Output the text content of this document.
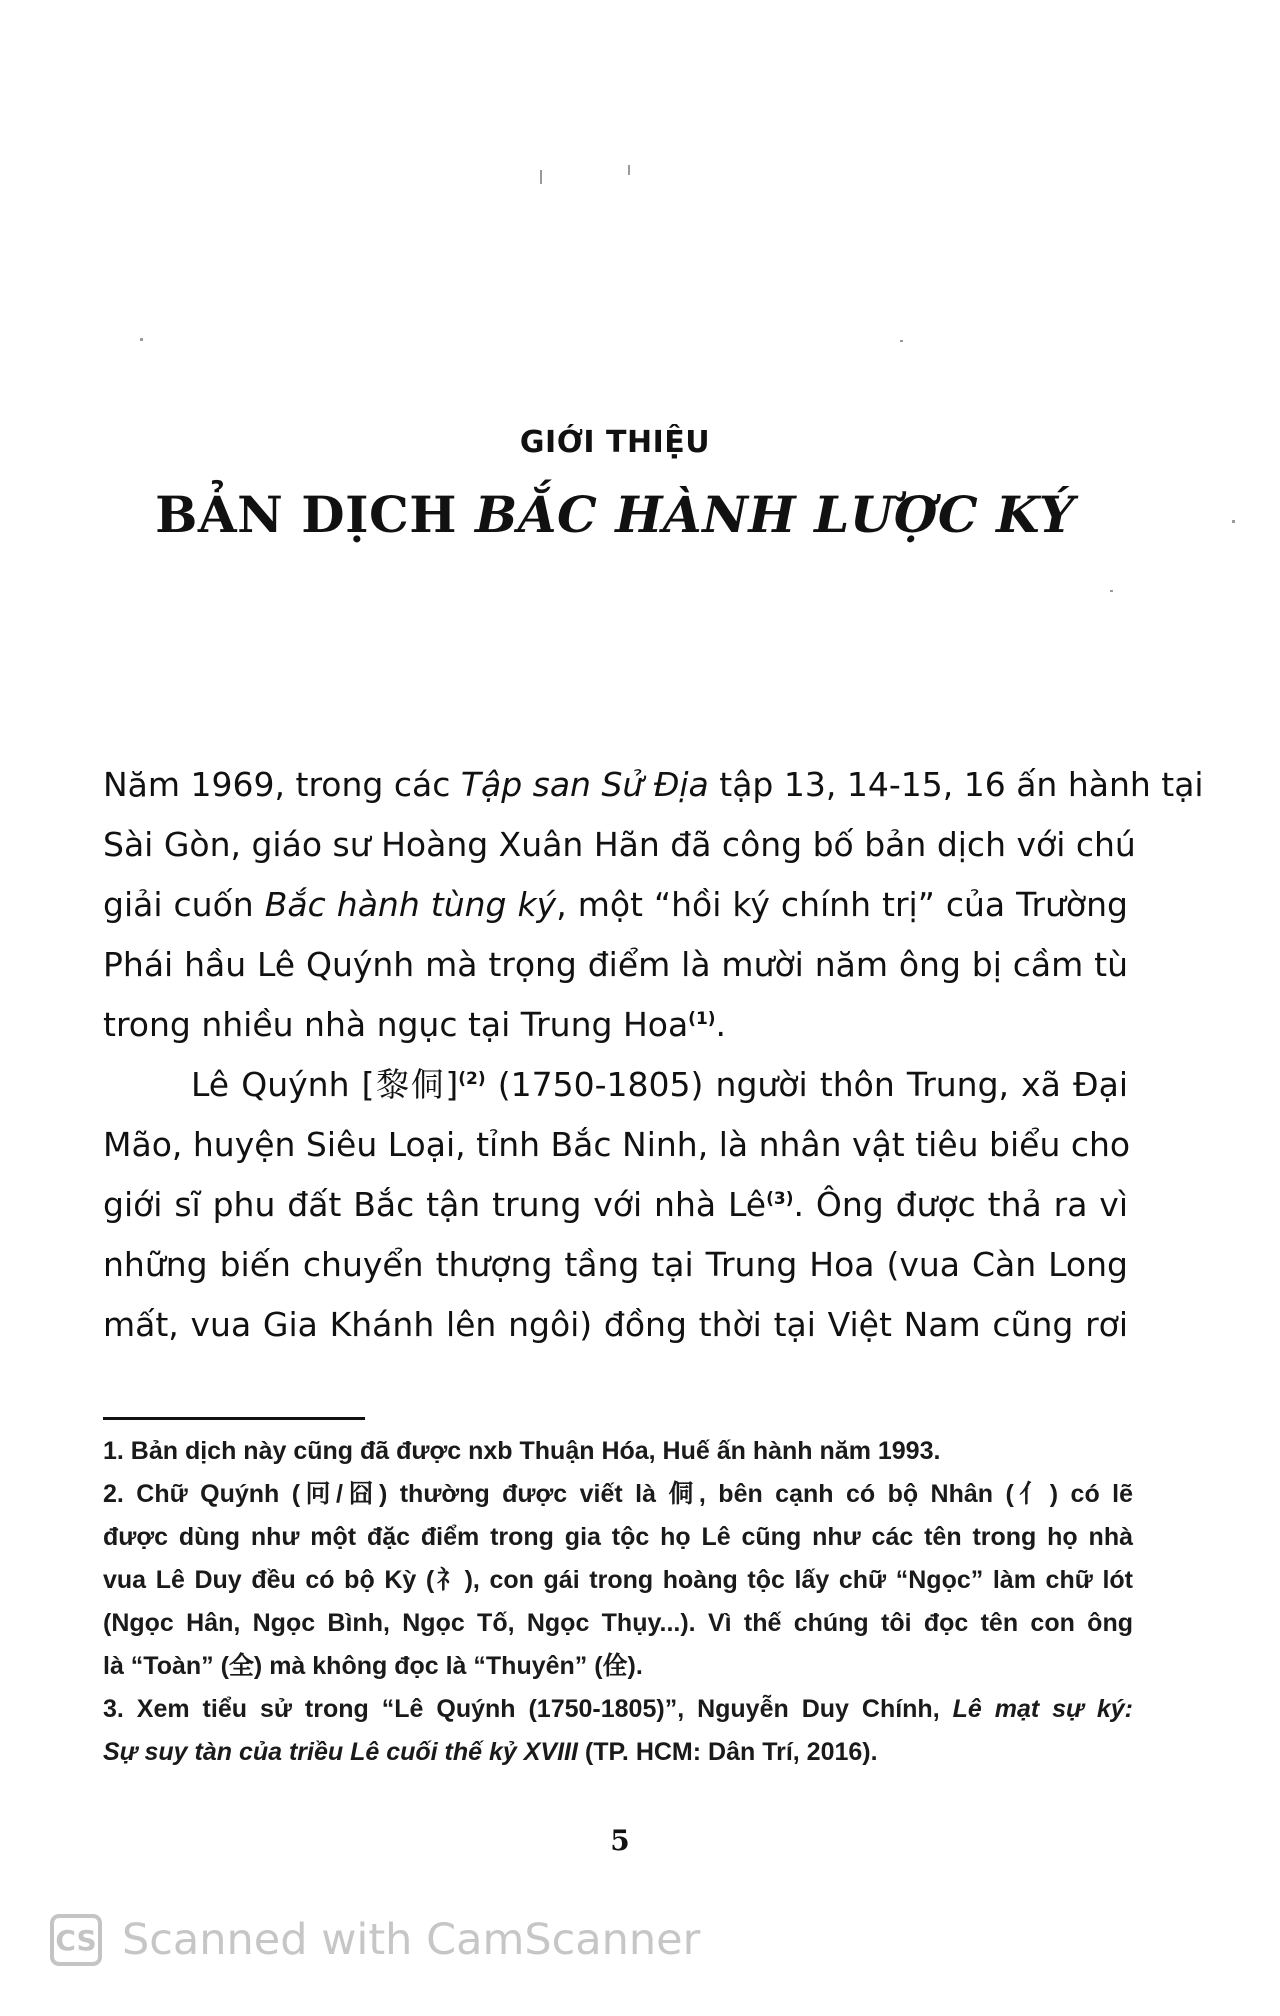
GIỚI THIỆU
BẢN DỊCH BẮC HÀNH LƯỢC KÝ
Năm 1969, trong các Tập san Sử Địa tập 13, 14-15, 16 ấn hành tại
Sài Gòn, giáo sư Hoàng Xuân Hãn đã công bố bản dịch với chú
giải cuốn Bắc hành tùng ký, một “hồi ký chính trị” của Trường
Phái hầu Lê Quýnh mà trọng điểm là mười năm ông bị cầm tù
trong nhiều nhà ngục tại Trung Hoa$^{(1)}$.
Lê Quýnh [黎侗]$^{(2)}$ (1750-1805) người thôn Trung, xã Đại
Mão, huyện Siêu Loại, tỉnh Bắc Ninh, là nhân vật tiêu biểu cho
giới sĩ phu đất Bắc tận trung với nhà $Lê^{(3)}$. Ông được thả ra vì
những biến chuyển thượng tầng tại Trung Hoa (vua Càn Long
mất, vua Gia Khánh lên ngôi) đồng thời tại Việt Nam cũng rơi
1. Bản dịch này cũng đã được nxb Thuận Hóa, Huế ấn hành năm 1993.
2. Chữ Quýnh (冋/囧) thường được viết là 侗, bên cạnh có bộ Nhân (亻) có lẽ
được dùng như một đặc điểm trong gia tộc họ Lê cũng như các tên trong họ nhà
vua Lê Duy đều có bộ Kỳ (礻), con gái trong hoàng tộc lấy chữ “Ngọc” làm chữ lót
(Ngọc Hân, Ngọc Bình, Ngọc Tố, Ngọc Thụy...). Vì thế chúng tôi đọc tên con ông
là “Toàn” (全) mà không đọc là “Thuyên” (佺).
3. Xem tiểu sử trong “Lê Quýnh (1750-1805)”, Nguyễn Duy Chính, Lê mạt sự ký:
Sự suy tàn của triều Lê cuối thế kỷ XVIII (TP. HCM: Dân Trí, 2016).
5
CS Scanned with CamScanner
